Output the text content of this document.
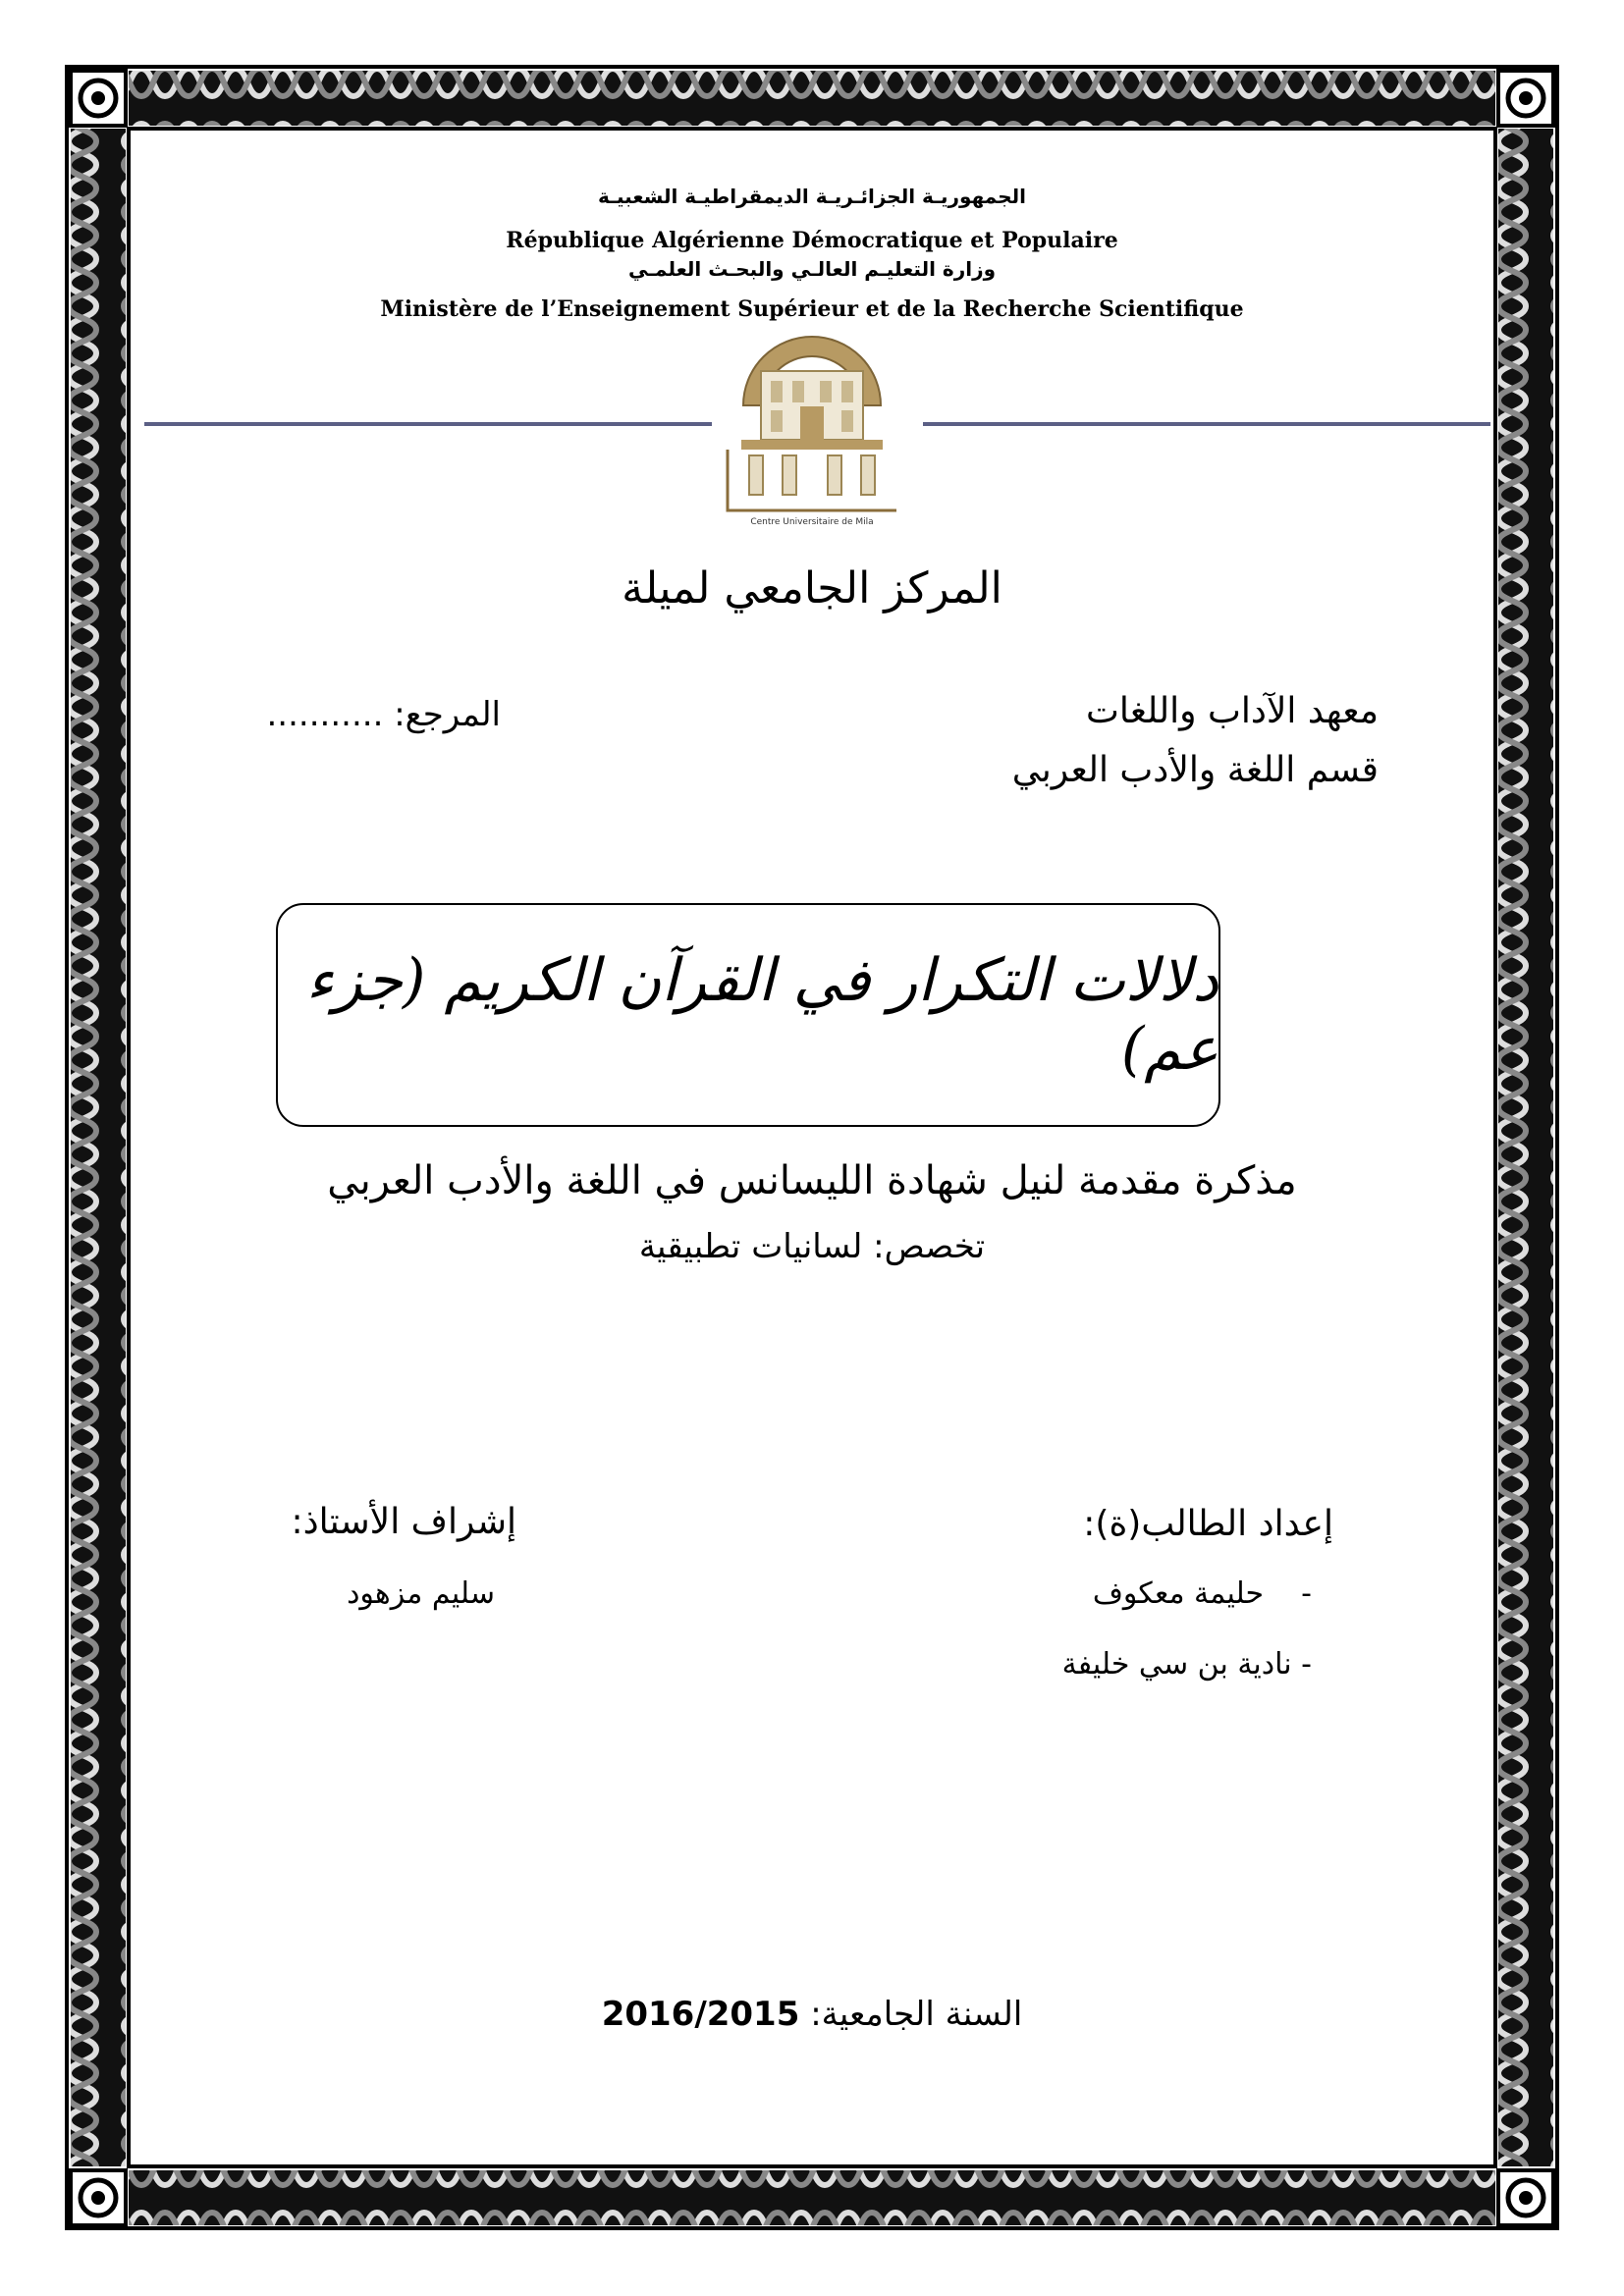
الجمهوريـة الجزائـريـة الديمقراطيـة الشعبيـة
République Algérienne Démocratique et Populaire
وزارة التعليـم العالـي والبحـث العلمـي
Ministère de l’Enseignement Supérieur et de la Recherche Scientifique
Centre Universitaire de Mila
المركز الجامعي لميلة
معهد الآداب واللغات
قسم اللغة والأدب العربي
المرجع: ...........
دلالات التكرار في القرآن الكريم (جزء عم)
مذكرة مقدمة لنيل شهادة الليسانس في اللغة والأدب العربي
تخصص: لسانيات تطبيقية
إعداد الطالب(ة):
-    حليمة معكوف
- نادية بن سي خليفة
إشراف الأستاذ:
سليم مزهود
السنة الجامعية: 2016/2015
